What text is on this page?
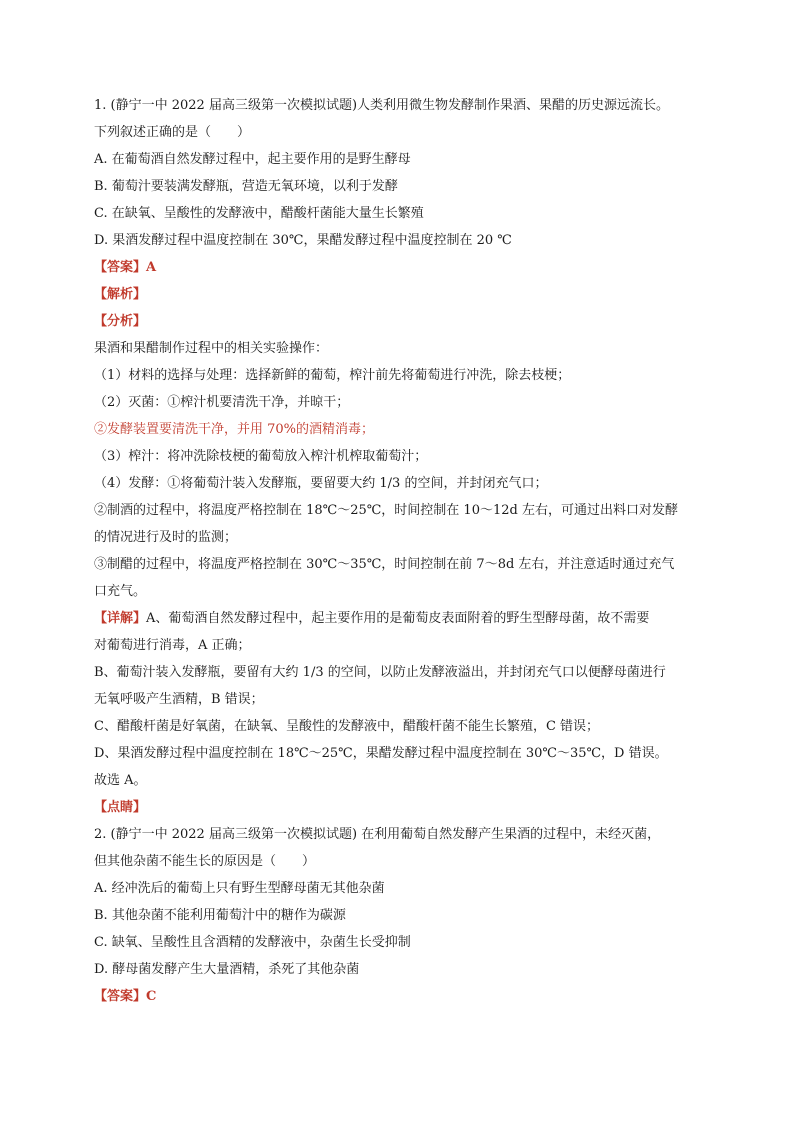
1. (静宁一中 2022 届高三级第一次模拟试题)人类利用微生物发酵制作果酒、果醋的历史源远流长。
下列叙述正确的是（　　）
A. 在葡萄酒自然发酵过程中，起主要作用的是野生酵母
B. 葡萄汁要装满发酵瓶，营造无氧环境，以利于发酵
C. 在缺氧、呈酸性的发酵液中，醋酸杆菌能大量生长繁殖
D. 果酒发酵过程中温度控制在 30℃，果醋发酵过程中温度控制在 20 ℃
【答案】A
【解析】
【分析】
果酒和果醋制作过程中的相关实验操作：
（1）材料的选择与处理：选择新鲜的葡萄，榨汁前先将葡萄进行冲洗，除去枝梗；
（2）灭菌：①榨汁机要清洗干净，并晾干；
②发酵装置要清洗干净，并用 70%的酒精消毒；
（3）榨汁：将冲洗除枝梗的葡萄放入榨汁机榨取葡萄汁；
（4）发酵：①将葡萄汁装入发酵瓶，要留要大约 1/3 的空间，并封闭充气口；
②制酒的过程中，将温度严格控制在 18℃～25℃，时间控制在 10～12d 左右，可通过出料口对发酵
的情况进行及时的监测；
③制醋的过程中，将温度严格控制在 30℃～35℃，时间控制在前 7～8d 左右，并注意适时通过充气
口充气。
【详解】A、葡萄酒自然发酵过程中，起主要作用的是葡萄皮表面附着的野生型酵母菌，故不需要
对葡萄进行消毒，A 正确；
B、葡萄汁装入发酵瓶，要留有大约 1/3 的空间，以防止发酵液溢出，并封闭充气口以便酵母菌进行
无氧呼吸产生酒精，B 错误；
C、醋酸杆菌是好氧菌，在缺氧、呈酸性的发酵液中，醋酸杆菌不能生长繁殖，C 错误；
D、果酒发酵过程中温度控制在 18℃～25℃，果醋发酵过程中温度控制在 30℃～35℃，D 错误。
故选 A。
【点睛】
2. (静宁一中 2022 届高三级第一次模拟试题) 在利用葡萄自然发酵产生果酒的过程中，未经灭菌，
但其他杂菌不能生长的原因是（　　）
A. 经冲洗后的葡萄上只有野生型酵母菌无其他杂菌
B. 其他杂菌不能利用葡萄汁中的糖作为碳源
C. 缺氧、呈酸性且含酒精的发酵液中，杂菌生长受抑制
D. 酵母菌发酵产生大量酒精，杀死了其他杂菌
【答案】C
